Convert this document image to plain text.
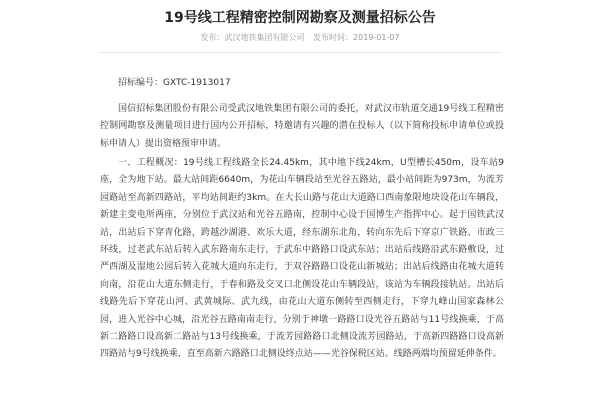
19号线工程精密控制网勘察及测量招标公告
发布：武汉地铁集团有限公司 发布时间：2019-01-07
招标编号：GXTC-1913017

国信招标集团股份有限公司受武汉地铁集团有限公司的委托，对武汉市轨道交通19号线工程精密控制网勘察及测量项目进行国内公开招标，特邀请有兴趣的潜在投标人（以下简称投标申请单位或投标申请人）提出资格预审申请。

一、工程概况：19号线工程线路全长24.45km，其中地下线24km，U型槽长450m，设车站9座，全为地下站。最大站间距6640m，为花山车辆段站至光谷五路站，最小站间距为973m，为流芳园路站至高新四路站，平均站间距约3km。在大长山路与花山大道路口西南象限地块设花山车辆段，新建主变电所两座，分别位于武汉站和光谷五路南，控制中心设于国博生产指挥中心。起于国铁武汉站，出站后下穿青化路，跨越沙湖港、欢乐大道，经东湖东北角，转向东先后下穿京广铁路、市政三环线，过老武东站后转入武东路南东走行，于武东中路路口设武东站；出站后线路沿武东路敷设，过严西湖及湿地公园后转入花城大道向东走行，于双谷路路口设花山新城站；出站后线路由花城大道转向南，沿花山大道东侧走行，于春和路及交叉口北侧设花山车辆段站，该站为车辆段接轨站。出站后线路先后下穿花山河、武黄城际、武九线，由花山大道东侧转至西侧走行，下穿九峰山国家森林公园，进入光谷中心城，沿光谷五路南南走行，分别于神墩一路路口设光谷五路站与11号线换乘，于高新二路路口设高新二路站与13号线换乘，于流芳园路路口北侧设流芳园路站，于高新四路路口设高新四路站与9号线换乘，直至高新六路路口北侧设终点站——光谷保税区站。线路两端均预留延伸条件。
